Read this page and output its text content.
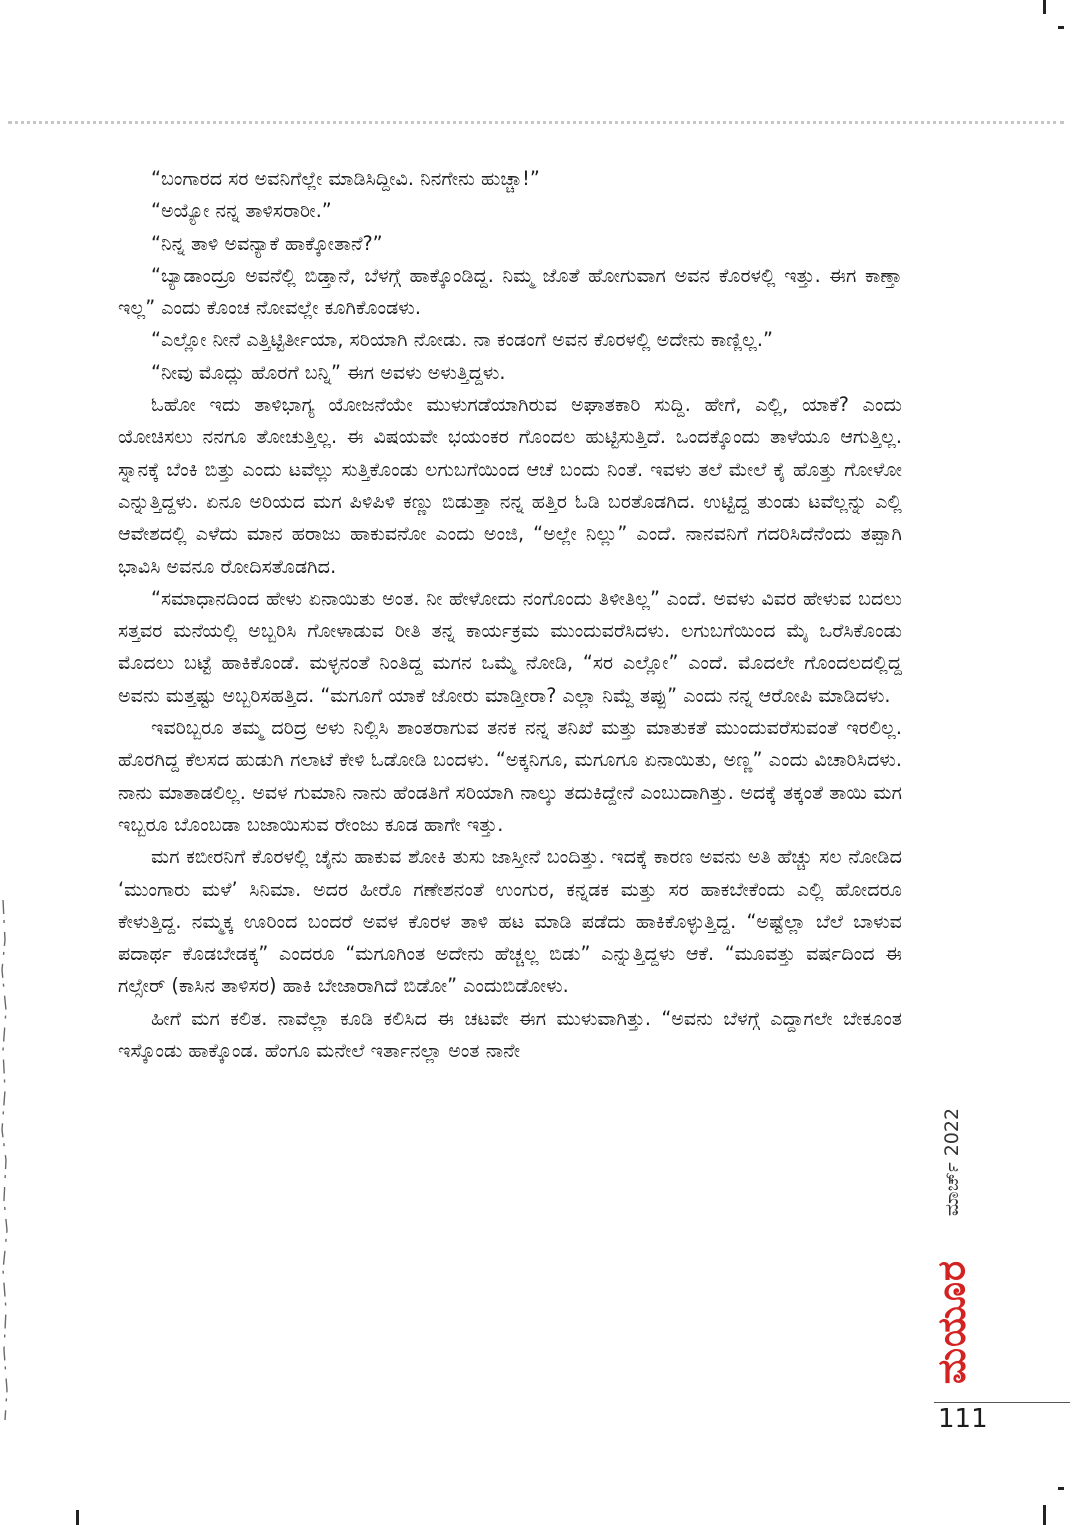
“ಬಂಗಾರದ ಸರ ಅವನಿಗೆಲ್ಲೇ ಮಾಡಿಸಿದ್ದೀವಿ. ನಿನಗೇನು ಹುಚ್ಚಾ!”

“ಅಯ್ಯೋ ನನ್ನ ತಾಳಿಸರಾರೀ.”

“ನಿನ್ನ ತಾಳಿ ಅವನ್ಯಾಕೆ ಹಾಕ್ಕೋತಾನೆ?”

“ಬ್ಯಾಡಾಂದ್ರೂ ಅವನೆಲ್ಲಿ ಬಿಡ್ತಾನೆ, ಬೆಳಗ್ಗೆ ಹಾಕ್ಕೊಂಡಿದ್ದ. ನಿಮ್ಮ ಜೊತೆ ಹೋಗುವಾಗ ಅವನ ಕೊರಳಲ್ಲಿ ಇತ್ತು. ಈಗ ಕಾಣ್ತಾ ಇಲ್ಲ” ಎಂದು ಕೊಂಚ ನೋವಲ್ಲೇ ಕೂಗಿಕೊಂಡಳು.

“ಎಲ್ಲೋ ನೀನೆ ಎತ್ತಿಟ್ಟಿರ್ತೀಯಾ, ಸರಿಯಾಗಿ ನೋಡು. ನಾ ಕಂಡಂಗೆ ಅವನ ಕೊರಳಲ್ಲಿ ಅದೇನು ಕಾಣ್ಲಿಲ್ಲ.”

“ನೀವು ಮೊದ್ಲು ಹೊರಗೆ ಬನ್ನಿ” ಈಗ ಅವಳು ಅಳುತ್ತಿದ್ದಳು.

ಓಹೋ ಇದು ತಾಳಿಭಾಗ್ಯ ಯೋಜನೆಯೇ ಮುಳುಗಡೆಯಾಗಿರುವ ಅಘಾತಕಾರಿ ಸುದ್ದಿ. ಹೇಗೆ, ಎಲ್ಲಿ, ಯಾಕೆ? ಎಂದು ಯೋಚಿಸಲು ನನಗೂ ತೋಚುತ್ತಿಲ್ಲ. ಈ ವಿಷಯವೇ ಭಯಂಕರ ಗೊಂದಲ ಹುಟ್ಟಿಸುತ್ತಿದೆ. ಒಂದಕ್ಕೊಂದು ತಾಳೆಯೂ ಆಗುತ್ತಿಲ್ಲ. ಸ್ನಾನಕ್ಕೆ ಬೆಂಕಿ ಬಿತ್ತು ಎಂದು ಟವೆಲ್ಲು ಸುತ್ತಿಕೊಂಡು ಲಗುಬಗೆಯಿಂದ ಆಚೆ ಬಂದು ನಿಂತೆ. ಇವಳು ತಲೆ ಮೇಲೆ ಕೈ ಹೊತ್ತು ಗೋಳೋ ಎನ್ನುತ್ತಿದ್ದಳು. ಏನೂ ಅರಿಯದ ಮಗ ಪಿಳಿಪಿಳಿ ಕಣ್ಣು ಬಿಡುತ್ತಾ ನನ್ನ ಹತ್ತಿರ ಓಡಿ ಬರತೊಡಗಿದ. ಉಟ್ಟಿದ್ದ ತುಂಡು ಟವೆಲ್ಲನ್ನು ಎಲ್ಲಿ ಆವೇಶದಲ್ಲಿ ಎಳೆದು ಮಾನ ಹರಾಜು ಹಾಕುವನೋ ಎಂದು ಅಂಜಿ, “ಅಲ್ಲೇ ನಿಲ್ಲು” ಎಂದೆ. ನಾನವನಿಗೆ ಗದರಿಸಿದೆನೆಂದು ತಪ್ಪಾಗಿ ಭಾವಿಸಿ ಅವನೂ ರೋದಿಸತೊಡಗಿದ.

“ಸಮಾಧಾನದಿಂದ ಹೇಳು ಏನಾಯಿತು ಅಂತ. ನೀ ಹೇಳೋದು ನಂಗೊಂದು ತಿಳೀತಿಲ್ಲ” ಎಂದೆ. ಅವಳು ವಿವರ ಹೇಳುವ ಬದಲು ಸತ್ತವರ ಮನೆಯಲ್ಲಿ ಅಬ್ಬರಿಸಿ ಗೋಳಾಡುವ ರೀತಿ ತನ್ನ ಕಾರ್ಯಕ್ರಮ ಮುಂದುವರೆಸಿದಳು. ಲಗುಬಗೆಯಿಂದ ಮೈ ಒರೆಸಿಕೊಂಡು ಮೊದಲು ಬಟ್ಟೆ ಹಾಕಿಕೊಂಡೆ. ಮಳ್ಳನಂತೆ ನಿಂತಿದ್ದ ಮಗನ ಒಮ್ಮೆ ನೋಡಿ, “ಸರ ಎಲ್ಲೋ” ಎಂದೆ. ಮೊದಲೇ ಗೊಂದಲದಲ್ಲಿದ್ದ ಅವನು ಮತ್ತಷ್ಟು ಅಬ್ಬರಿಸಹತ್ತಿದ. “ಮಗೂಗೆ ಯಾಕೆ ಜೋರು ಮಾಡ್ತೀರಾ? ಎಲ್ಲಾ ನಿಮ್ದೆ ತಪ್ಪು” ಎಂದು ನನ್ನ ಆರೋಪಿ ಮಾಡಿದಳು.

ಇವರಿಬ್ಬರೂ ತಮ್ಮ ದರಿದ್ರ ಅಳು ನಿಲ್ಲಿಸಿ ಶಾಂತರಾಗುವ ತನಕ ನನ್ನ ತನಿಖೆ ಮತ್ತು ಮಾತುಕತೆ ಮುಂದುವರೆಸುವಂತೆ ಇರಲಿಲ್ಲ. ಹೊರಗಿದ್ದ ಕೆಲಸದ ಹುಡುಗಿ ಗಲಾಟೆ ಕೇಳಿ ಓಡೋಡಿ ಬಂದಳು. “ಅಕ್ಕನಿಗೂ, ಮಗೂಗೂ ಏನಾಯಿತು, ಅಣ್ಣ” ಎಂದು ವಿಚಾರಿಸಿದಳು. ನಾನು ಮಾತಾಡಲಿಲ್ಲ. ಅವಳ ಗುಮಾನಿ ನಾನು ಹೆಂಡತಿಗೆ ಸರಿಯಾಗಿ ನಾಲ್ಕು ತದುಕಿದ್ದೇನೆ ಎಂಬುದಾಗಿತ್ತು. ಅದಕ್ಕೆ ತಕ್ಕಂತೆ ತಾಯಿ ಮಗ ಇಬ್ಬರೂ ಬೊಂಬಡಾ ಬಜಾಯಿಸುವ ರೇಂಜು ಕೂಡ ಹಾಗೇ ಇತ್ತು.

ಮಗ ಕಬೀರನಿಗೆ ಕೊರಳಲ್ಲಿ ಚೈನು ಹಾಕುವ ಶೋಕಿ ತುಸು ಜಾಸ್ತೀನೆ ಬಂದಿತ್ತು. ಇದಕ್ಕೆ ಕಾರಣ ಅವನು ಅತಿ ಹೆಚ್ಚು ಸಲ ನೋಡಿದ ‘ಮುಂಗಾರು ಮಳೆ’ ಸಿನಿಮಾ. ಅದರ ಹೀರೊ ಗಣೇಶನಂತೆ ಉಂಗುರ, ಕನ್ನಡಕ ಮತ್ತು ಸರ ಹಾಕಬೇಕೆಂದು ಎಲ್ಲಿ ಹೋದರೂ ಕೇಳುತ್ತಿದ್ದ. ನಮ್ಮಕ್ಕ ಊರಿಂದ ಬಂದರೆ ಅವಳ ಕೊರಳ ತಾಳಿ ಹಟ ಮಾಡಿ ಪಡೆದು ಹಾಕಿಕೊಳ್ಳುತ್ತಿದ್ದ. “ಅಷ್ಟೆಲ್ಲಾ ಬೆಲೆ ಬಾಳುವ ಪದಾರ್ಥ ಕೊಡಬೇಡಕ್ಕ” ಎಂದರೂ “ಮಗೂಗಿಂತ ಅದೇನು ಹೆಚ್ಚಲ್ಲ ಬಿಡು” ಎನ್ನುತ್ತಿದ್ದಳು ಆಕೆ. “ಮೂವತ್ತು ವರ್ಷದಿಂದ ಈ ಗಲ್ಸೇರ್ (ಕಾಸಿನ ತಾಳಿಸರ) ಹಾಕಿ ಬೇಜಾರಾಗಿದೆ ಬಿಡೋ” ಎಂದುಬಿಡೋಳು.

ಹೀಗೆ ಮಗ ಕಲಿತ. ನಾವೆಲ್ಲಾ ಕೂಡಿ ಕಲಿಸಿದ ಈ ಚಟವೇ ಈಗ ಮುಳುವಾಗಿತ್ತು. “ಅವನು ಬೆಳಗ್ಗೆ ಎದ್ದಾಗಲೇ ಬೇಕೂಂತ ಇಸ್ಕೊಂಡು ಹಾಕ್ಕೊಂಡ. ಹೆಂಗೂ ಮನೇಲೆ ಇರ್ತಾನಲ್ಲಾ ಅಂತ ನಾನೇ

ಮಾರ್ಚ್ 2022
ಮಯೂರ
111
